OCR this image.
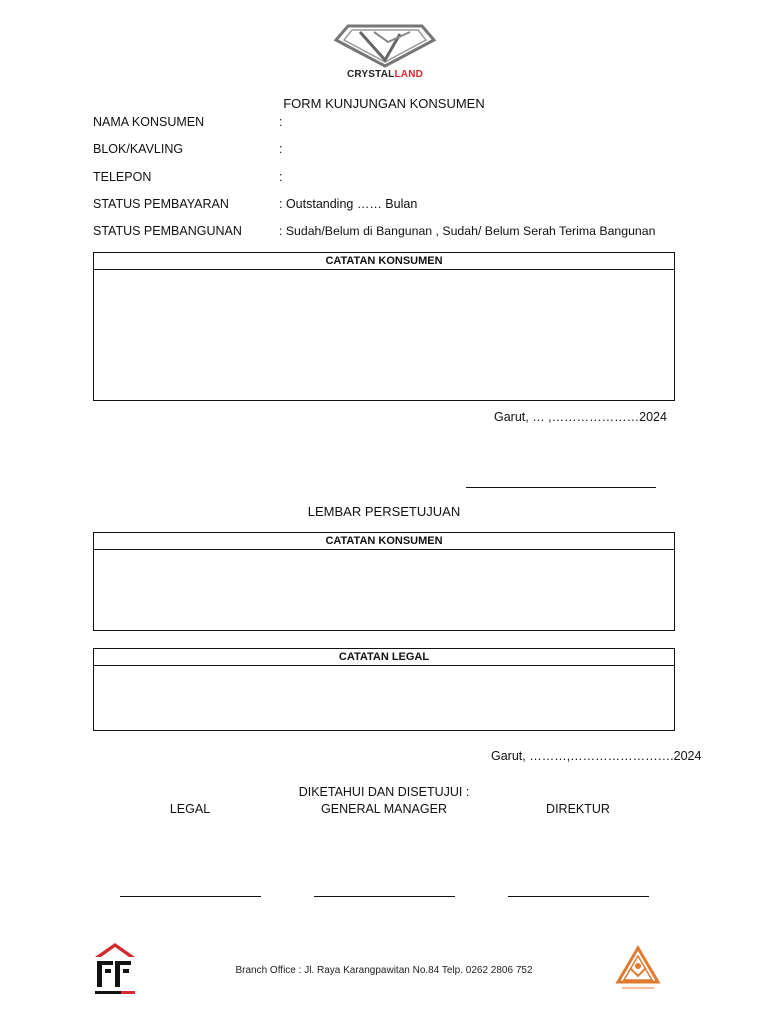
CRYSTALLAND
FORM KUNJUNGAN KONSUMEN
NAMA KONSUMEN	:
BLOK/KAVLING	:
TELEPON	:
STATUS PEMBAYARAN	: Outstanding …… Bulan
STATUS PEMBANGUNAN	: Sudah/Belum di Bangunan , Sudah/ Belum Serah Terima Bangunan
CATATAN KONSUMEN
Garut, … ,…………………2024
LEMBAR PERSETUJUAN
CATATAN KONSUMEN
CATATAN LEGAL
Garut, ………,…………………….2024
DIKETAHUI DAN DISETUJUI :
LEGAL	GENERAL MANAGER	DIREKTUR
Branch Office : Jl. Raya Karangpawitan No.84 Telp. 0262 2806 752
